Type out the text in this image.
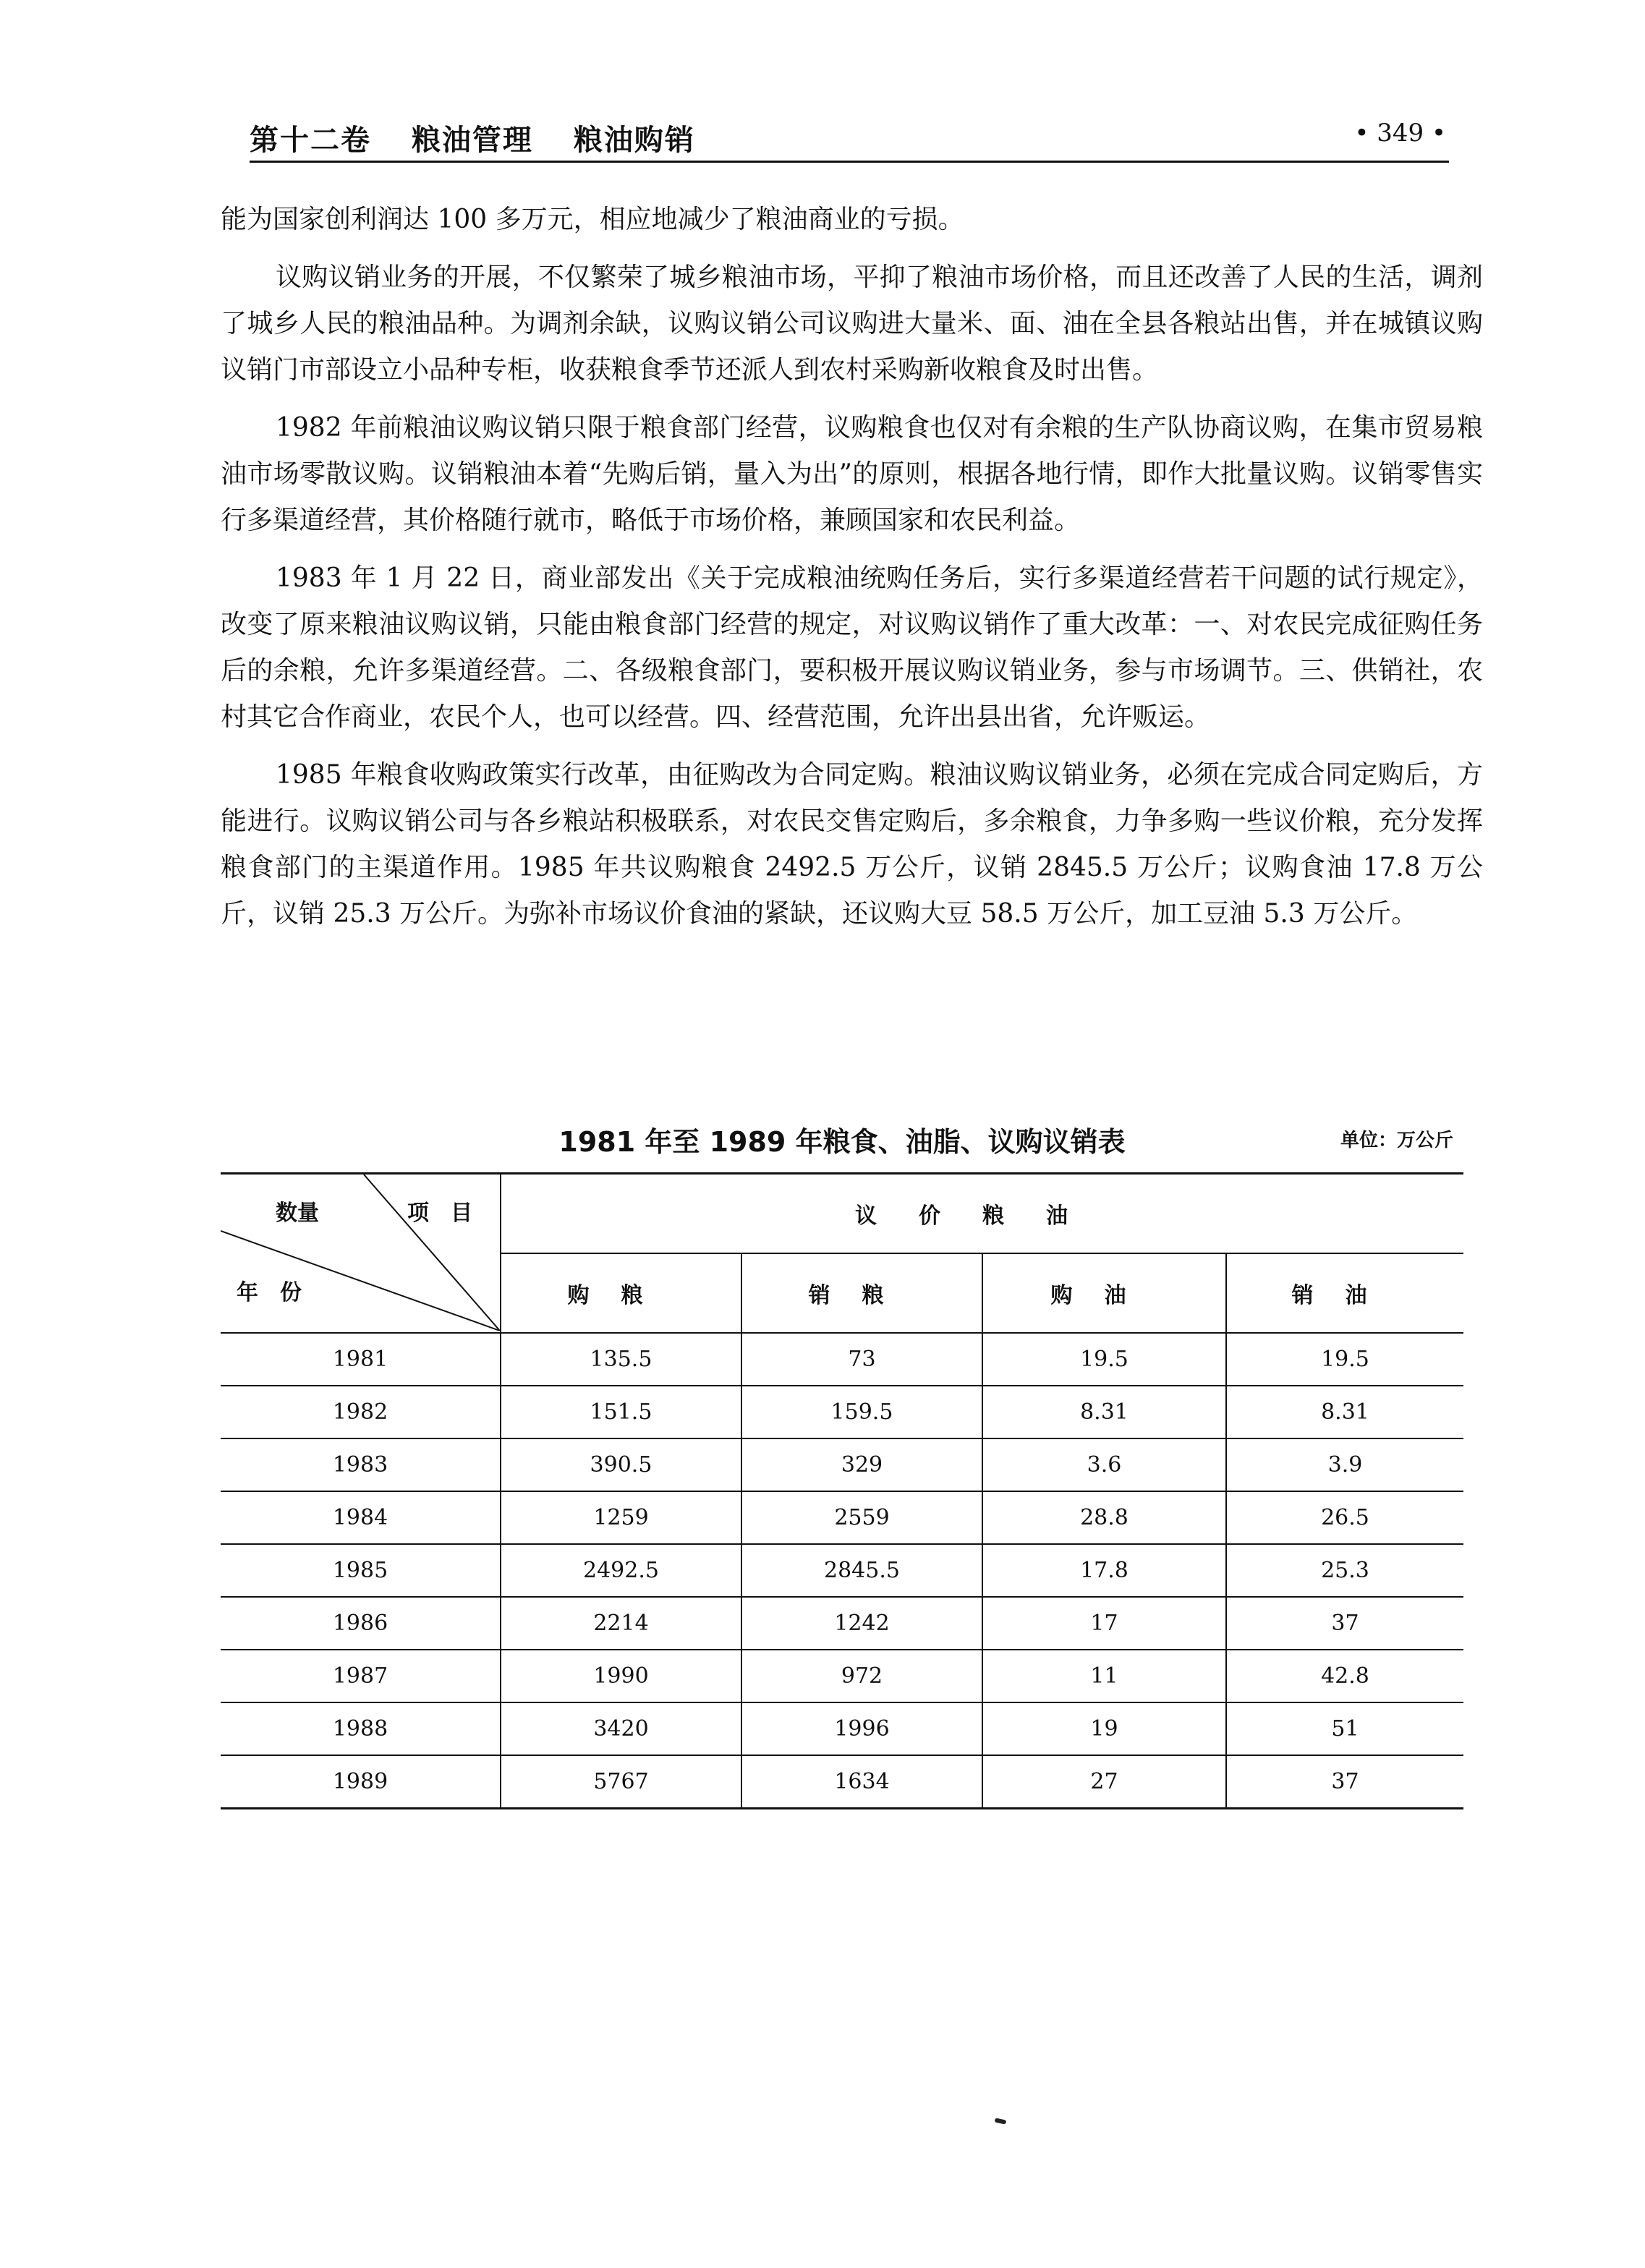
第十二卷 粮油管理 粮油购销	• 349 •

能为国家创利润达 100 多万元，相应地减少了粮油商业的亏损。

议购议销业务的开展，不仅繁荣了城乡粮油市场，平抑了粮油市场价格，而且还改善了人民的生活，调剂了城乡人民的粮油品种。为调剂余缺，议购议销公司议购进大量米、面、油在全县各粮站出售，并在城镇议购议销门市部设立小品种专柜，收获粮食季节还派人到农村采购新收粮食及时出售。

1982 年前粮油议购议销只限于粮食部门经营，议购粮食也仅对有余粮的生产队协商议购，在集市贸易粮油市场零散议购。议销粮油本着“先购后销，量入为出”的原则，根据各地行情，即作大批量议购。议销零售实行多渠道经营，其价格随行就市，略低于市场价格，兼顾国家和农民利益。

1983 年 1 月 22 日，商业部发出《关于完成粮油统购任务后，实行多渠道经营若干问题的试行规定》，改变了原来粮油议购议销，只能由粮食部门经营的规定，对议购议销作了重大改革：一、对农民完成征购任务后的余粮，允许多渠道经营。二、各级粮食部门，要积极开展议购议销业务，参与市场调节。三、供销社，农村其它合作商业，农民个人，也可以经营。四、经营范围，允许出县出省，允许贩运。

1985 年粮食收购政策实行改革，由征购改为合同定购。粮油议购议销业务，必须在完成合同定购后，方能进行。议购议销公司与各乡粮站积极联系，对农民交售定购后，多余粮食，力争多购一些议价粮，充分发挥粮食部门的主渠道作用。1985 年共议购粮食 2492.5 万公斤，议销 2845.5 万公斤；议购食油 17.8 万公斤，议销 25.3 万公斤。为弥补市场议价食油的紧缺，还议购大豆 58.5 万公斤，加工豆油 5.3 万公斤。

1981 年至 1989 年粮食、油脂、议购议销表	单位：万公斤
数量 项　目
年　份	议价粮油			
	购粮	销粮	购油	销油
1981	135.5	73	19.5	19.5
1982	151.5	159.5	8.31	8.31
1983	390.5	329	3.6	3.9
1984	1259	2559	28.8	26.5
1985	2492.5	2845.5	17.8	25.3
1986	2214	1242	17	37
1987	1990	972	11	42.8
1988	3420	1996	19	51
1989	5767	1634	27	37
